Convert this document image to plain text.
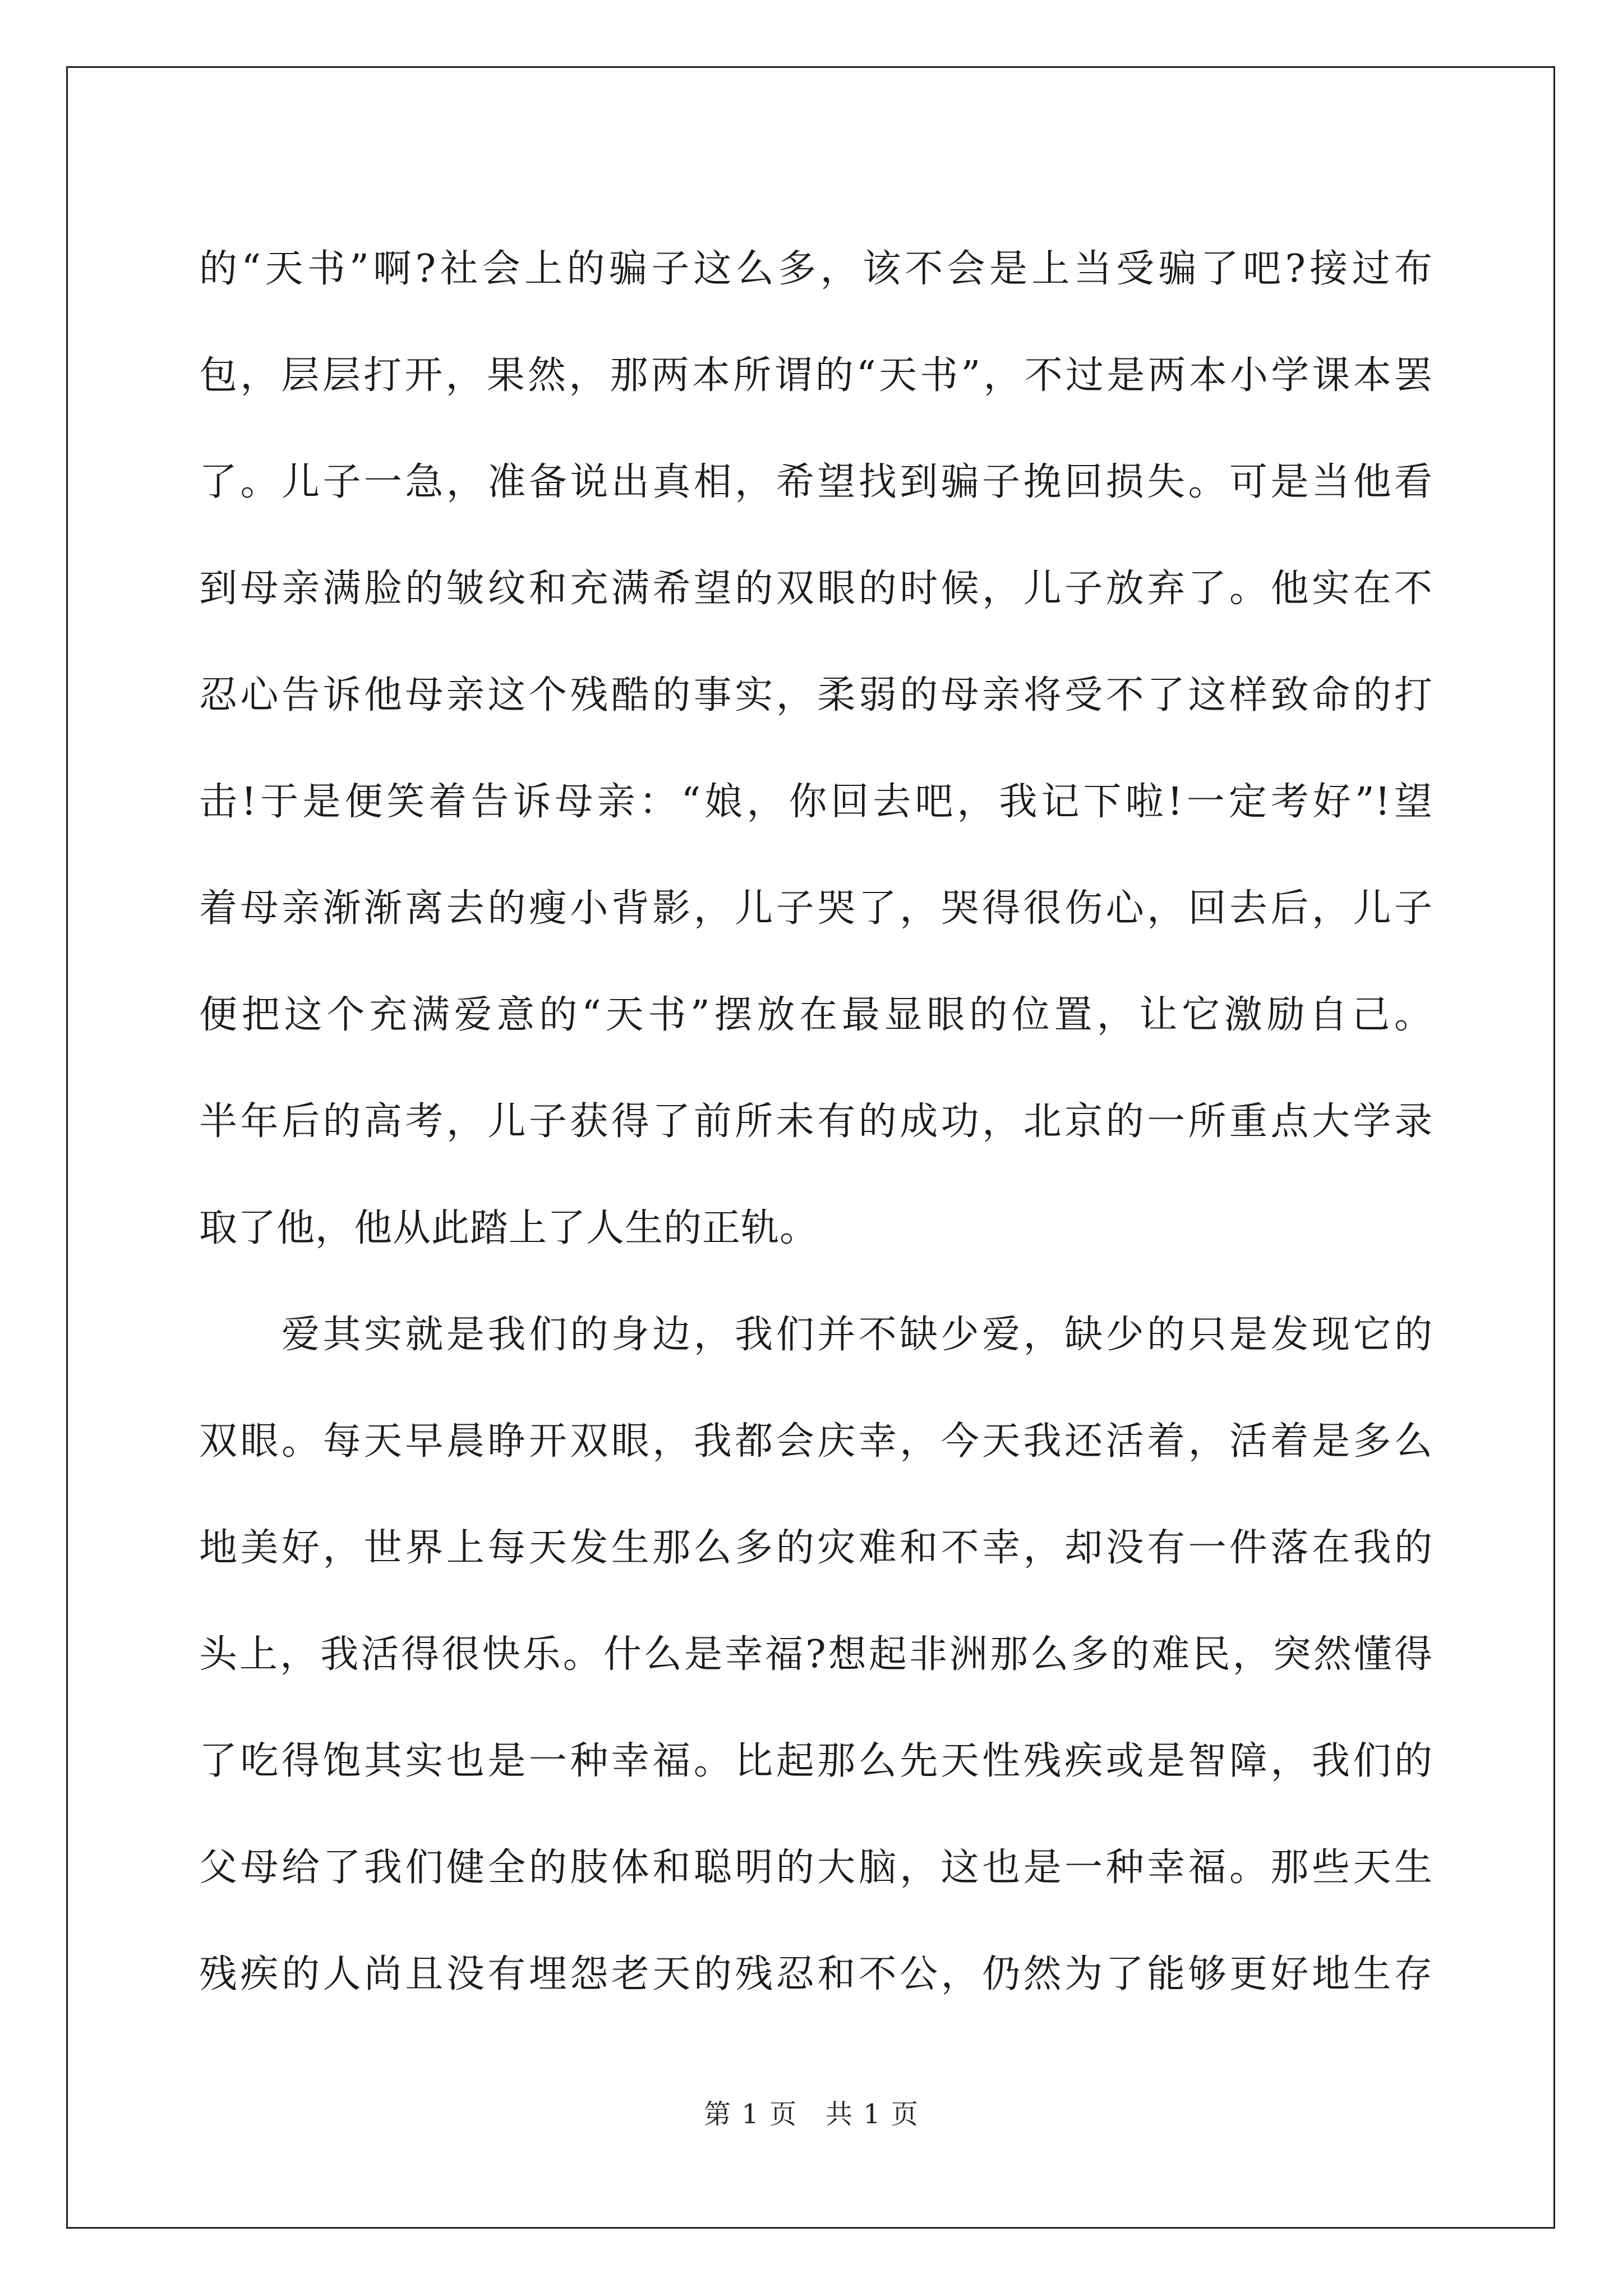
的“天书”啊?社会上的骗子这么多，该不会是上当受骗了吧?接过布
包，层层打开，果然，那两本所谓的“天书”，不过是两本小学课本罢
了。儿子一急，准备说出真相，希望找到骗子挽回损失。可是当他看
到母亲满脸的皱纹和充满希望的双眼的时候，儿子放弃了。他实在不
忍心告诉他母亲这个残酷的事实，柔弱的母亲将受不了这样致命的打
击!于是便笑着告诉母亲：“娘，你回去吧，我记下啦!一定考好”!望
着母亲渐渐离去的瘦小背影，儿子哭了，哭得很伤心，回去后，儿子
便把这个充满爱意的“天书”摆放在最显眼的位置，让它激励自己。
半年后的高考，儿子获得了前所未有的成功，北京的一所重点大学录
取了他，他从此踏上了人生的正轨。
　　爱其实就是我们的身边，我们并不缺少爱，缺少的只是发现它的
双眼。每天早晨睁开双眼，我都会庆幸，今天我还活着，活着是多么
地美好，世界上每天发生那么多的灾难和不幸，却没有一件落在我的
头上，我活得很快乐。什么是幸福?想起非洲那么多的难民，突然懂得
了吃得饱其实也是一种幸福。比起那么先天性残疾或是智障，我们的
父母给了我们健全的肢体和聪明的大脑，这也是一种幸福。那些天生
残疾的人尚且没有埋怨老天的残忍和不公，仍然为了能够更好地生存
第 1 页　共 1 页
